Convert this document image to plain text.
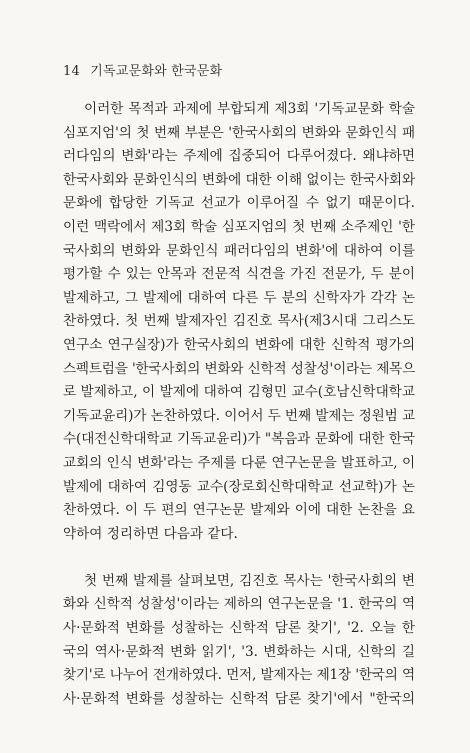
14 기독교문화와 한국문화
이러한 목적과 과제에 부합되게 제3회 '기독교문화 학술
심포지엄'의 첫 번째 부분은 '한국사회의 변화와 문화인식 패
러다임의 변화'라는 주제에 집중되어 다루어졌다. 왜냐하면
한국사회와 문화인식의 변화에 대한 이해 없이는 한국사회와
문화에 합당한 기독교 선교가 이루어질 수 없기 때문이다.
이런 맥락에서 제3회 학술 심포지엄의 첫 번째 소주제인 '한
국사회의 변화와 문화인식 패러다임의 변화'에 대하여 이를
평가할 수 있는 안목과 전문적 식견을 가진 전문가, 두 분이
발제하고, 그 발제에 대하여 다른 두 분의 신학자가 각각 논
찬하였다. 첫 번째 발제자인 김진호 목사(제3시대 그리스도
연구소 연구실장)가 한국사회의 변화에 대한 신학적 평가의
스펙트럼을 '한국사회의 변화와 신학적 성찰성'이라는 제목으
로 발제하고, 이 발제에 대하여 김형민 교수(호남신학대학교
기독교윤리)가 논찬하였다. 이어서 두 번째 발제는 정원범 교
수(대전신학대학교 기독교윤리)가 "복음과 문화에 대한 한국
교회의 인식 변화'라는 주제를 다룬 연구논문을 발표하고, 이
발제에 대하여 김영동 교수(장로회신학대학교 선교학)가 논
찬하였다. 이 두 편의 연구논문 발제와 이에 대한 논찬을 요
약하여 정리하면 다음과 같다.
첫 번째 발제를 살펴보면, 김진호 목사는 '한국사회의 변
화와 신학적 성찰성'이라는 제하의 연구논문을 '1. 한국의 역
사·문화적 변화를 성찰하는 신학적 담론 찾기', '2. 오늘 한
국의 역사·문화적 변화 읽기', '3. 변화하는 시대, 신학의 길
찾기'로 나누어 전개하였다. 먼저, 발제자는 제1장 '한국의 역
사·문화적 변화를 성찰하는 신학적 담론 찾기'에서 "한국의
